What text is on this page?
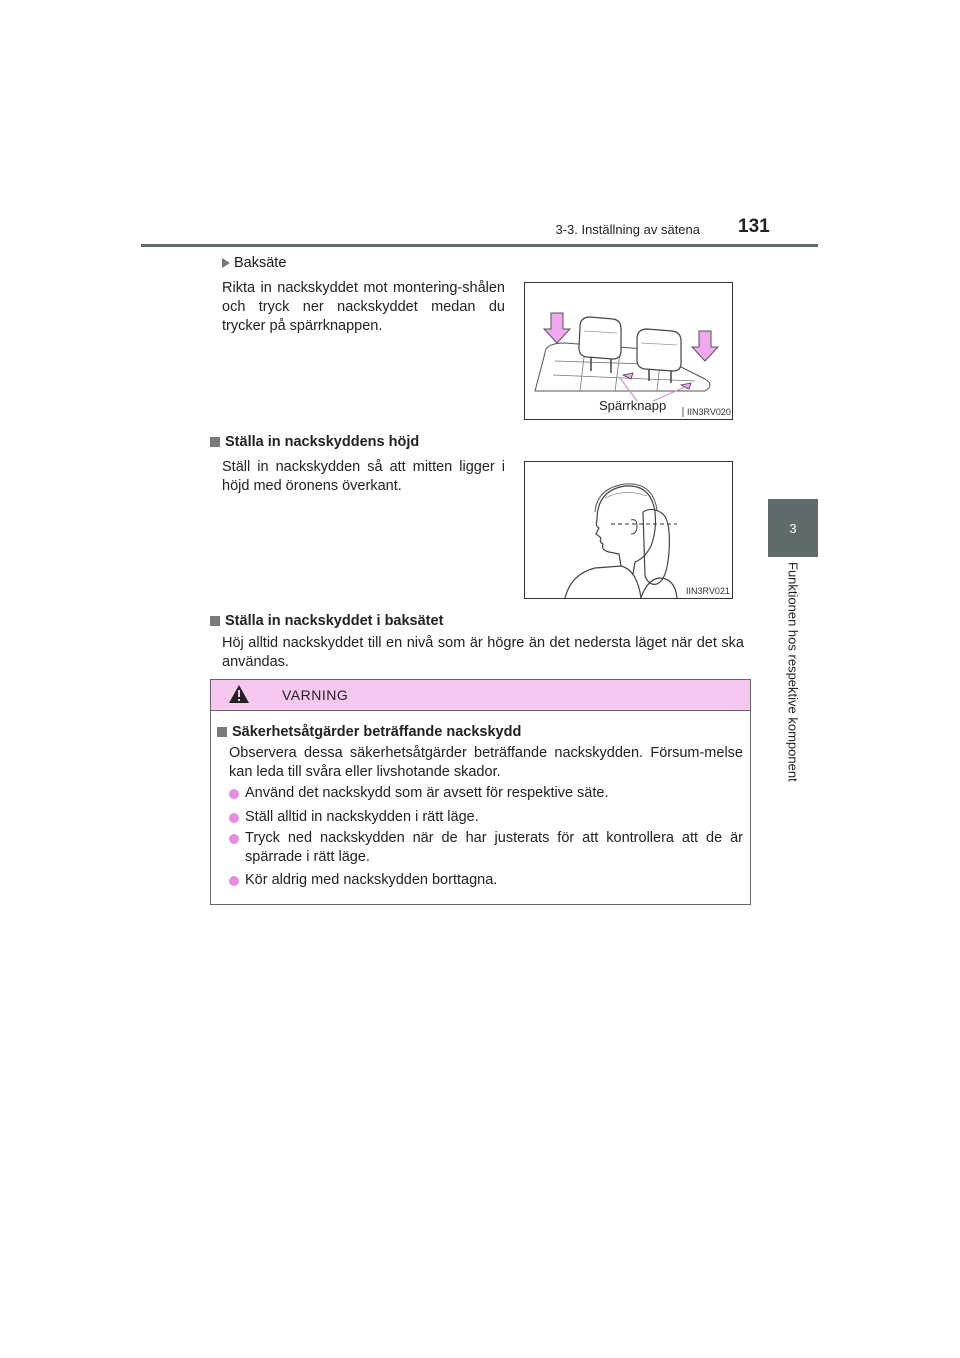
3-3. Inställning av sätena 131
3
Funktionen hos respektive komponent
Baksäte
Rikta in nackskyddet mot montering-shålen och tryck ner nackskyddet medan du trycker på spärrknappen.
Spärrknapp IIN3RV020
Ställa in nackskyddens höjd
Ställ in nackskydden så att mitten ligger i höjd med öronens överkant.
IIN3RV021
Ställa in nackskyddet i baksätet
Höj alltid nackskyddet till en nivå som är högre än det nedersta läget när det ska användas.
VARNING
Säkerhetsåtgärder beträffande nackskydd
Observera dessa säkerhetsåtgärder beträffande nackskydden. Försum-melse kan leda till svåra eller livshotande skador.
Använd det nackskydd som är avsett för respektive säte.
Ställ alltid in nackskydden i rätt läge.
Tryck ned nackskydden när de har justerats för att kontrollera att de är spärrade i rätt läge.
Kör aldrig med nackskydden borttagna.
